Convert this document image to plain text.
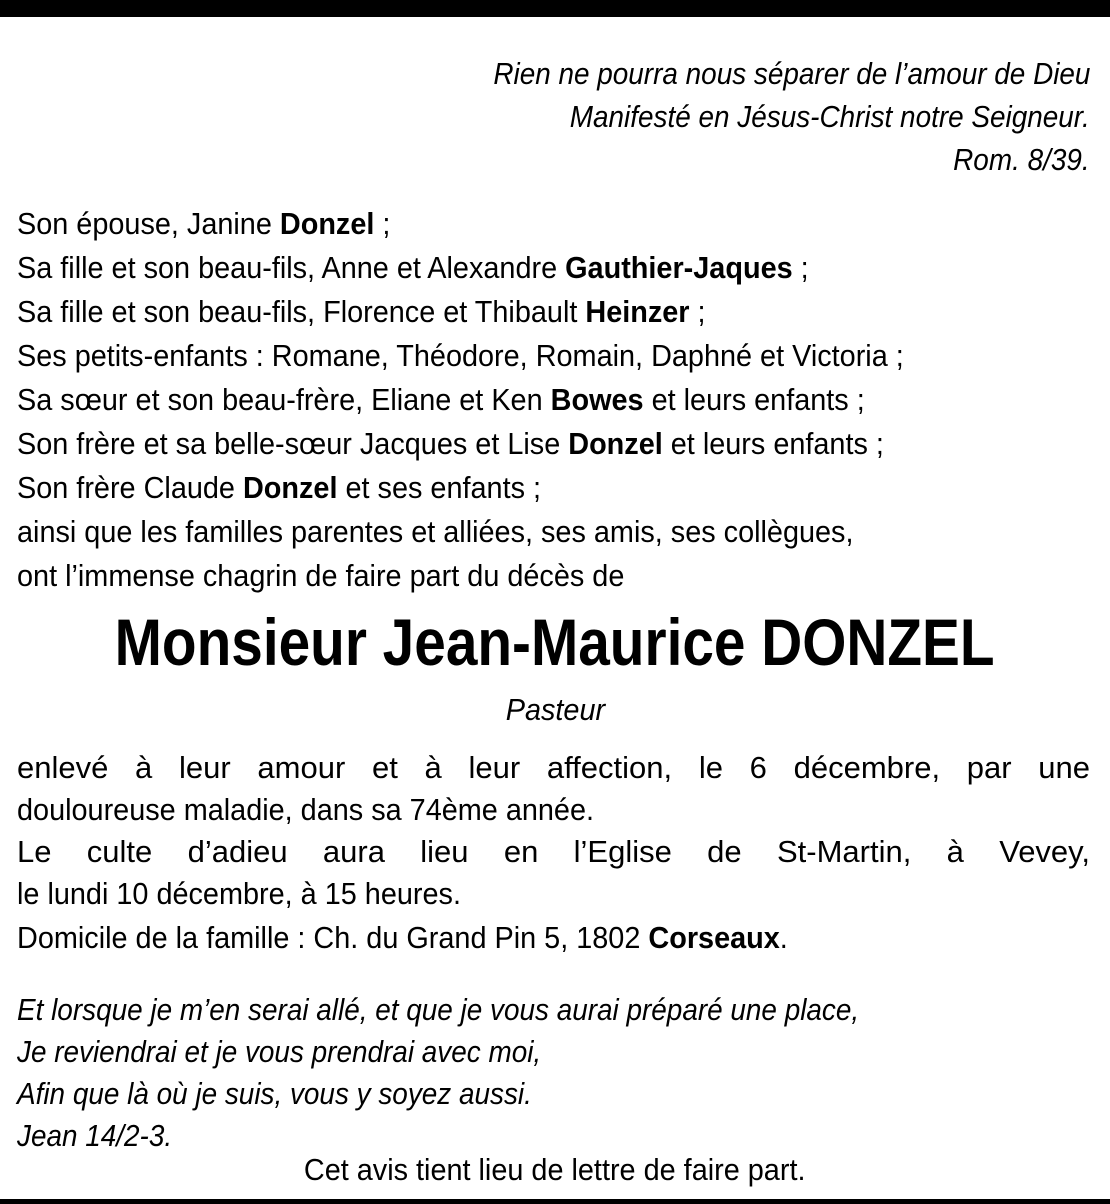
Rien ne pourra nous séparer de l’amour de Dieu
Manifesté en Jésus-Christ notre Seigneur.
Rom. 8/39.
Son épouse, Janine Donzel ;
Sa fille et son beau-fils, Anne et Alexandre Gauthier-Jaques ;
Sa fille et son beau-fils, Florence et Thibault Heinzer ;
Ses petits-enfants : Romane, Théodore, Romain, Daphné et Victoria ;
Sa sœur et son beau-frère, Eliane et Ken Bowes et leurs enfants ;
Son frère et sa belle-sœur Jacques et Lise Donzel et leurs enfants ;
Son frère Claude Donzel et ses enfants ;
ainsi que les familles parentes et alliées, ses amis, ses collègues,
ont l’immense chagrin de faire part du décès de
Monsieur Jean-Maurice DONZEL
Pasteur
enlevé à leur amour et à leur affection, le 6 décembre, par une
douloureuse maladie, dans sa 74ème année.
Le culte d’adieu aura lieu en l’Eglise de St-Martin, à Vevey,
le lundi 10 décembre, à 15 heures.
Domicile de la famille : Ch. du Grand Pin 5, 1802 Corseaux.
Et lorsque je m’en serai allé, et que je vous aurai préparé une place,
Je reviendrai et je vous prendrai avec moi,
Afin que là où je suis, vous y soyez aussi.
Jean 14/2-3.
Cet avis tient lieu de lettre de faire part.
